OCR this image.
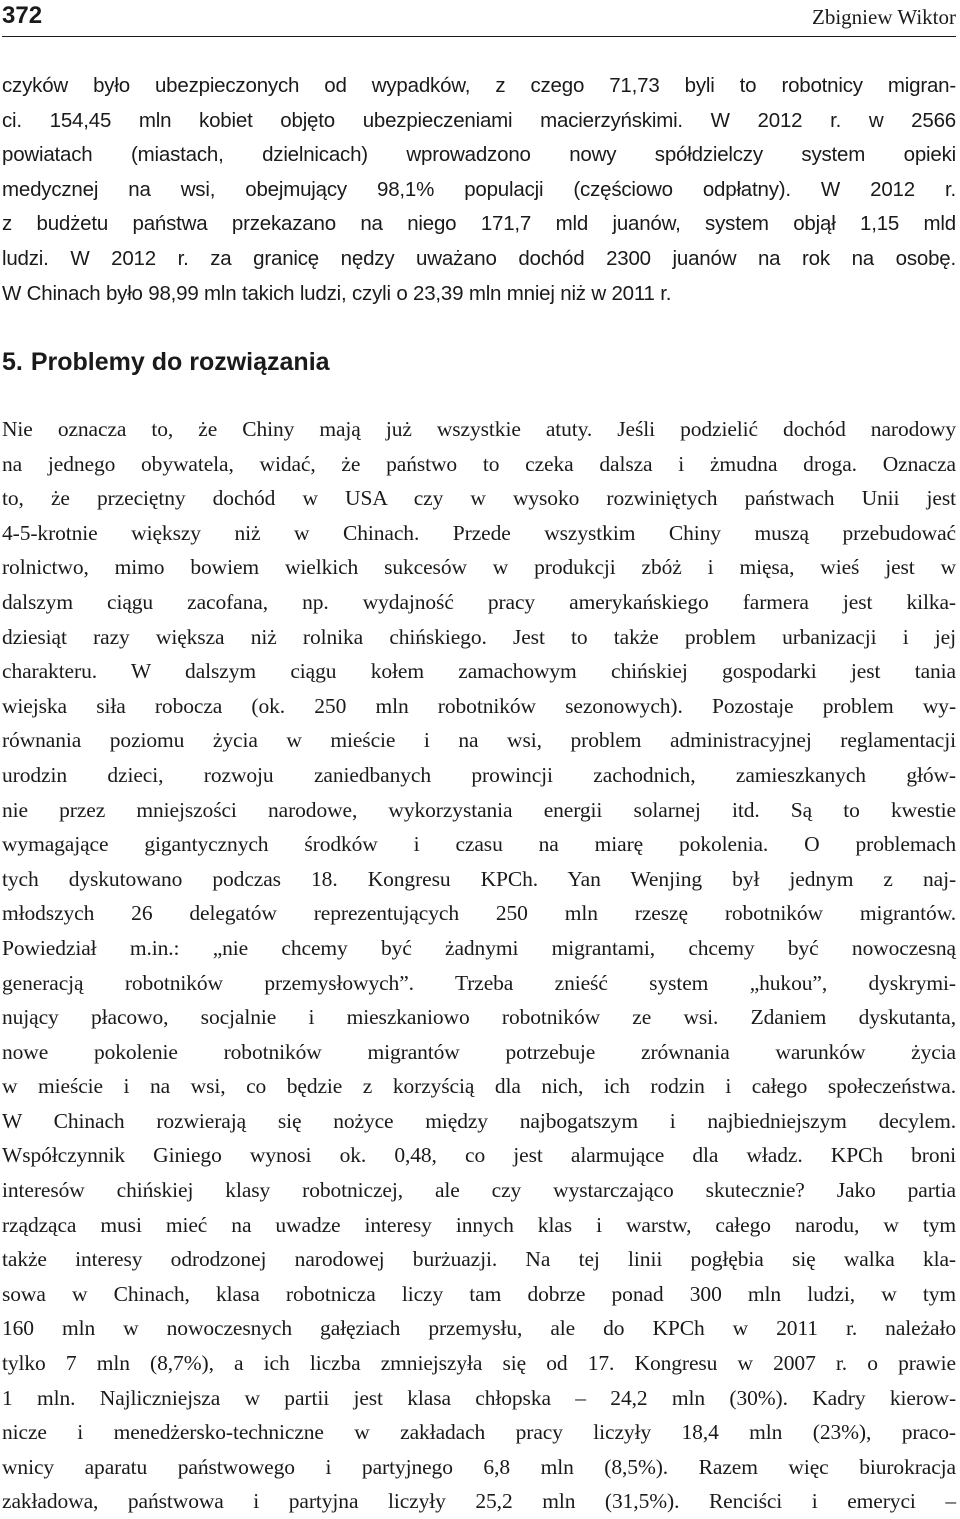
372	Zbigniew Wiktor
czyków było ubezpieczonych od wypadków, z czego 71,73 byli to robotnicy migran-
ci. 154,45 mln kobiet objęto ubezpieczeniami macierzyńskimi. W 2012 r. w 2566
powiatach (miastach, dzielnicach) wprowadzono nowy spółdzielczy system opieki
medycznej na wsi, obejmujący 98,1% populacji (częściowo odpłatny). W 2012 r.
z budżetu państwa przekazano na niego 171,7 mld juanów, system objął 1,15 mld
ludzi. W 2012 r. za granicę nędzy uważano dochód 2300 juanów na rok na osobę.
W Chinach było 98,99 mln takich ludzi, czyli o 23,39 mln mniej niż w 2011 r.
5. Problemy do rozwiązania
Nie oznacza to, że Chiny mają już wszystkie atuty. Jeśli podzielić dochód narodowy
na jednego obywatela, widać, że państwo to czeka dalsza i żmudna droga. Oznacza
to, że przeciętny dochód w USA czy w wysoko rozwiniętych państwach Unii jest
4-5-krotnie większy niż w Chinach. Przede wszystkim Chiny muszą przebudować
rolnictwo, mimo bowiem wielkich sukcesów w produkcji zbóż i mięsa, wieś jest w
dalszym ciągu zacofana, np. wydajność pracy amerykańskiego farmera jest kilka-
dziesiąt razy większa niż rolnika chińskiego. Jest to także problem urbanizacji i jej
charakteru. W dalszym ciągu kołem zamachowym chińskiej gospodarki jest tania
wiejska siła robocza (ok. 250 mln robotników sezonowych). Pozostaje problem wy-
równania poziomu życia w mieście i na wsi, problem administracyjnej reglamentacji
urodzin dzieci, rozwoju zaniedbanych prowincji zachodnich, zamieszkanych głów-
nie przez mniejszości narodowe, wykorzystania energii solarnej itd. Są to kwestie
wymagające gigantycznych środków i czasu na miarę pokolenia. O problemach
tych dyskutowano podczas 18. Kongresu KPCh. Yan Wenjing był jednym z naj-
młodszych 26 delegatów reprezentujących 250 mln rzeszę robotników migrantów.
Powiedział m.in.: „nie chcemy być żadnymi migrantami, chcemy być nowoczesną
generacją robotników przemysłowych”. Trzeba znieść system „hukou”, dyskrymi-
nujący płacowo, socjalnie i mieszkaniowo robotników ze wsi. Zdaniem dyskutanta,
nowe pokolenie robotników migrantów potrzebuje zrównania warunków życia
w mieście i na wsi, co będzie z korzyścią dla nich, ich rodzin i całego społeczeństwa.
W Chinach rozwierają się nożyce między najbogatszym i najbiedniejszym decylem.
Współczynnik Giniego wynosi ok. 0,48, co jest alarmujące dla władz. KPCh broni
interesów chińskiej klasy robotniczej, ale czy wystarczająco skutecznie? Jako partia
rządząca musi mieć na uwadze interesy innych klas i warstw, całego narodu, w tym
także interesy odrodzonej narodowej burżuazji. Na tej linii pogłębia się walka kla-
sowa w Chinach, klasa robotnicza liczy tam dobrze ponad 300 mln ludzi, w tym
160 mln w nowoczesnych gałęziach przemysłu, ale do KPCh w 2011 r. należało
tylko 7 mln (8,7%), a ich liczba zmniejszyła się od 17. Kongresu w 2007 r. o prawie
1 mln. Najliczniejsza w partii jest klasa chłopska – 24,2 mln (30%). Kadry kierow-
nicze i menedżersko-techniczne w zakładach pracy liczyły 18,4 mln (23%), praco-
wnicy aparatu państwowego i partyjnego 6,8 mln (8,5%). Razem więc biurokracja
zakładowa, państwowa i partyjna liczyły 25,2 mln (31,5%). Renciści i emeryci –
